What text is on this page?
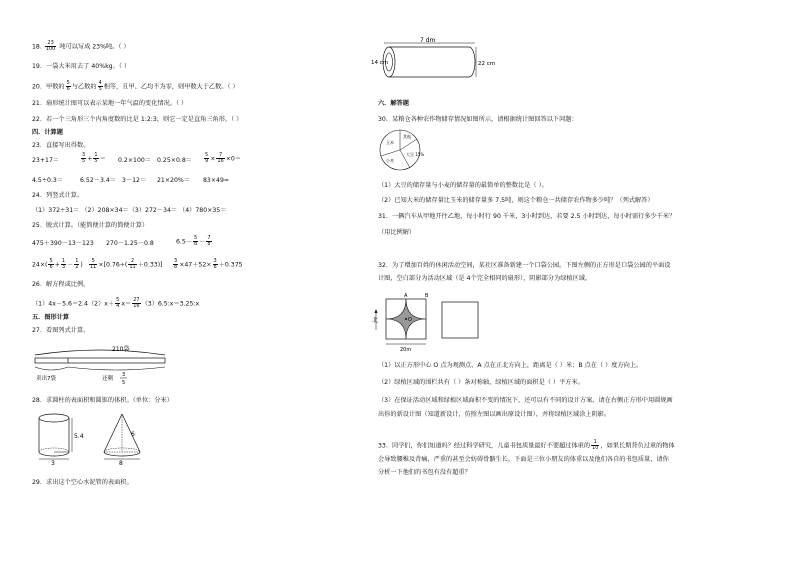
18. $\frac{23}{100}$ 吨可以写成 23%吨。（ ）
19．一袋大米用去了 40%kg。（ ）
20．甲数的 $\frac{5}{6}$ 与乙数的 $\frac{4}{5}$ 相等，且甲、乙均不为零，则甲数大于乙数。（ ）
21．扇形统计图可以表示某地一年气温的变化情况。（ ）
22．若一个三角形三个内角度数的比是 1:2:3，则它一定是直角三角形。（ ）
四．计算题
23．直接写出得数。
23+17＝	$\frac{3}{5} + \frac{1}{5} = 0.2\times 100= 0.25\times 0.8= \frac{5}{9} \times \frac{7}{16} \times 0=$
4.5÷0.3＝	6.52－3.4＝ 3－12＝ 21×20%＝ 83×49≈
24．列竖式计算。
（1）372÷31＝ （2）208×34＝（3）272－34＝ （4）780×35＝
25．脱式计算。（能简便计算的简便计算）
475＋390－13－123 270－1.25－0.8	$6.5- \frac{5}{8} - \frac{7}{8}$
$24\times( \frac{5}{6} + \frac{1}{3} - \frac{1}{2}$ ) $\frac{5}{11} \times[0.76\div( \frac{2}{11} +0.33)] \frac{3}{8} \times 47+52\times \frac{3}{8} +0.375$
26．解方程或比例。
$(1)4x-5.6=2.4(2)x+ \frac{5}{4} x= \frac{27}{16}$ （3）6.5:x＝3.25:x
五．图形计算
27．看图列式计算。
210袋
卖出7袋	还剩
3
5
28．求圆柱的表面积和圆锥的体积。（单位：分米）
5.4
3
6
8
29．求出这个空心水泥管的表面积。
7 dm
14 cm	22 cm
六．解答题
30．某粮仓各种农作物储存情况如图所示，请根据统计图回答以下问题：
玉米
小麦
其他
大豆 15%
（1）大豆的储存量与小麦的储存量的最简单的整数比是（ ）。
（2）已知大米的储存量比玉米的储存量多 7.5吨，则这个粮仓一共储存农作物多少吨？（列式解答）
31．一辆汽车从甲地开往乙地，每小时行 90 千米，3小时到达，若要 2.5 小时到达，每小时需行多少千米？
（用比例解）
32．为了增加百姓的休闲活动空间，某社区准备新建一个口袋公园。下图左侧的正方形是口袋公园的平面设
计图，空白部分为活动区域（是 4个完全相同的扇形），阴影部分为绿植区域。
北	O
A	B
20m
（1）以正方形中心 O 点为观测点，A 点在正北方向上，距离是（ ）米；B 点在（ ）度方向上。
（2）绿植区域的围栏共有（ ）条对称轴，绿植区域的面积是（ ）平方米。
（3）在保证活动区域和绿植区域面积不变的情况下，还可以有不同的设计方案，请在右侧正方形中用圆规画
出你的新设计图（知道新设计，仿照左图以画出原设计图），并将绿植区域涂上阴影。
33．同学们，你们知道吗？经过科学研究，儿童书包质量最好不要超过体重的 $\frac{1}{10}$ ，如果长期背负过重的物体
会导致腰椎及背痛，严重的甚至会妨碍骨骼生长。下面是三位小朋友的体重以及他们各自的书包质量，请你
分析一下他们的书包有没有超重？
